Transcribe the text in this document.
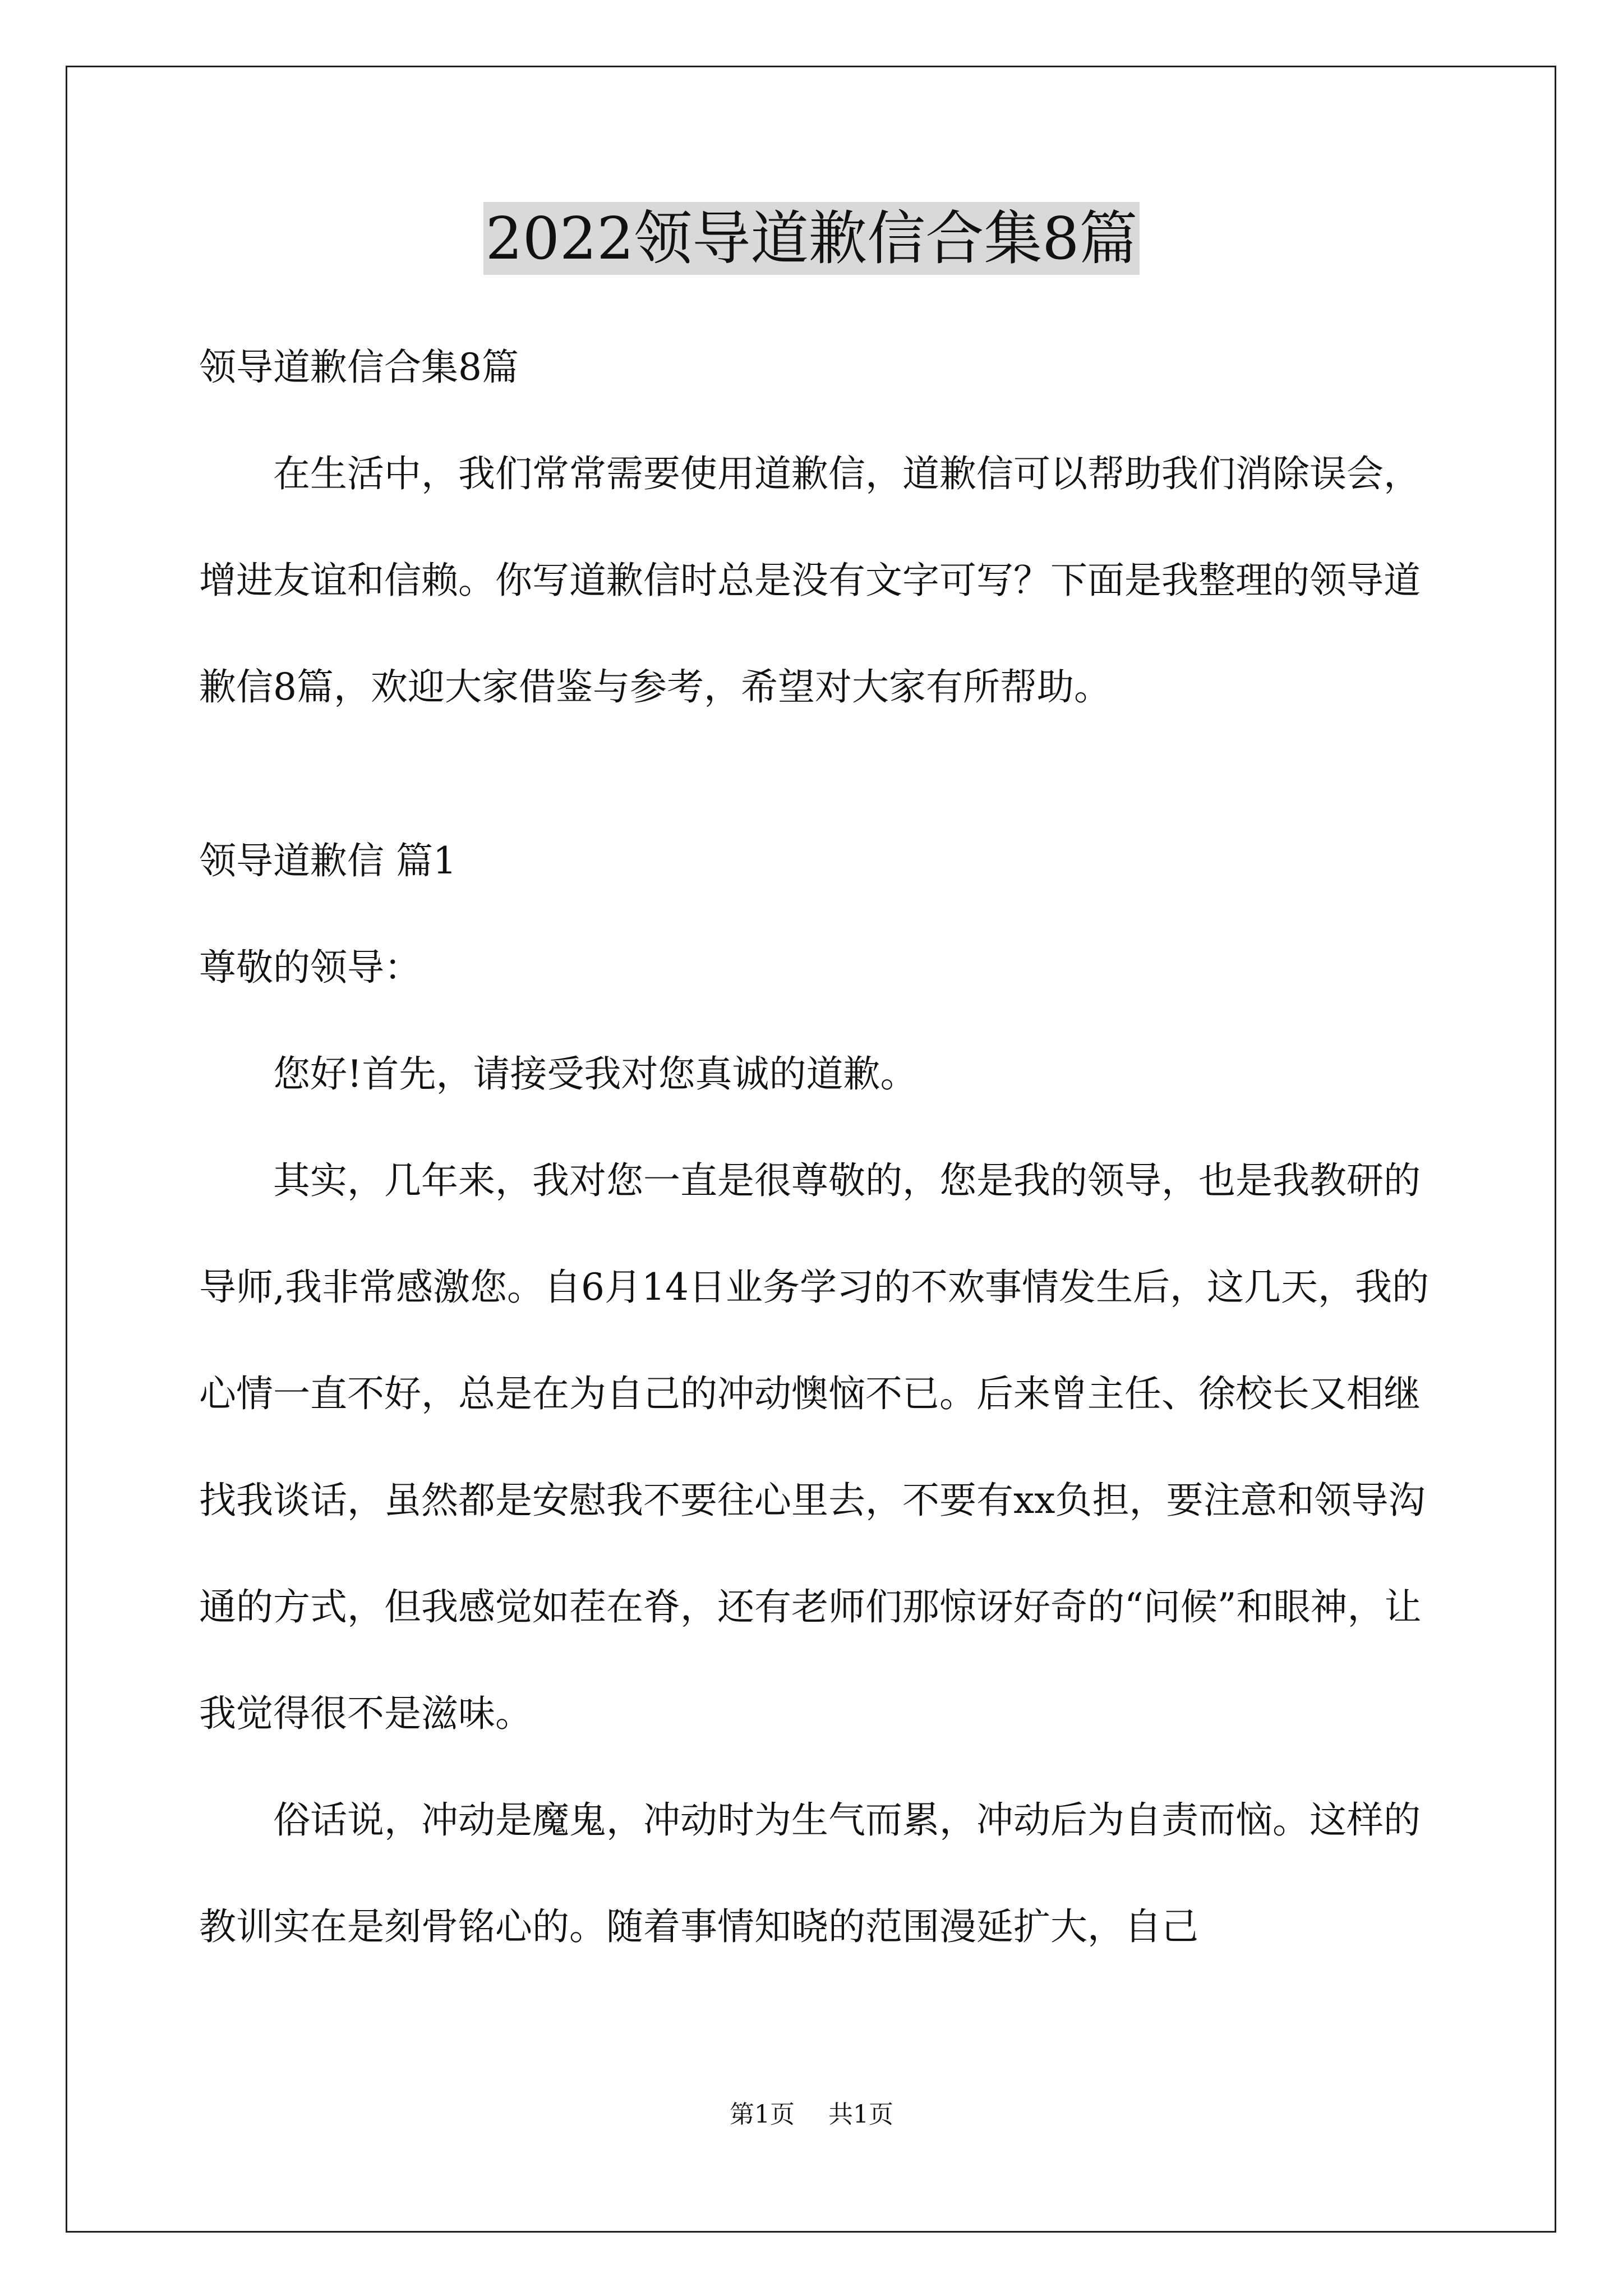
2022领导道歉信合集8篇

领导道歉信合集8篇

在生活中，我们常常需要使用道歉信，道歉信可以帮助我们消除误会，增进友谊和信赖。你写道歉信时总是没有文字可写？下面是我整理的领导道歉信8篇，欢迎大家借鉴与参考，希望对大家有所帮助。

领导道歉信 篇1

尊敬的领导：

您好!首先，请接受我对您真诚的道歉。

其实，几年来，我对您一直是很尊敬的，您是我的领导，也是我教研的导师,我非常感激您。自6月14日业务学习的不欢事情发生后，这几天，我的心情一直不好，总是在为自己的冲动懊恼不已。后来曾主任、徐校长又相继找我谈话，虽然都是安慰我不要往心里去，不要有xx负担，要注意和领导沟通的方式，但我感觉如茬在脊，还有老师们那惊讶好奇的“问候”和眼神，让我觉得很不是滋味。

俗话说，冲动是魔鬼，冲动时为生气而累，冲动后为自责而恼。这样的教训实在是刻骨铭心的。随着事情知晓的范围漫延扩大，自己

第1页 共1页
